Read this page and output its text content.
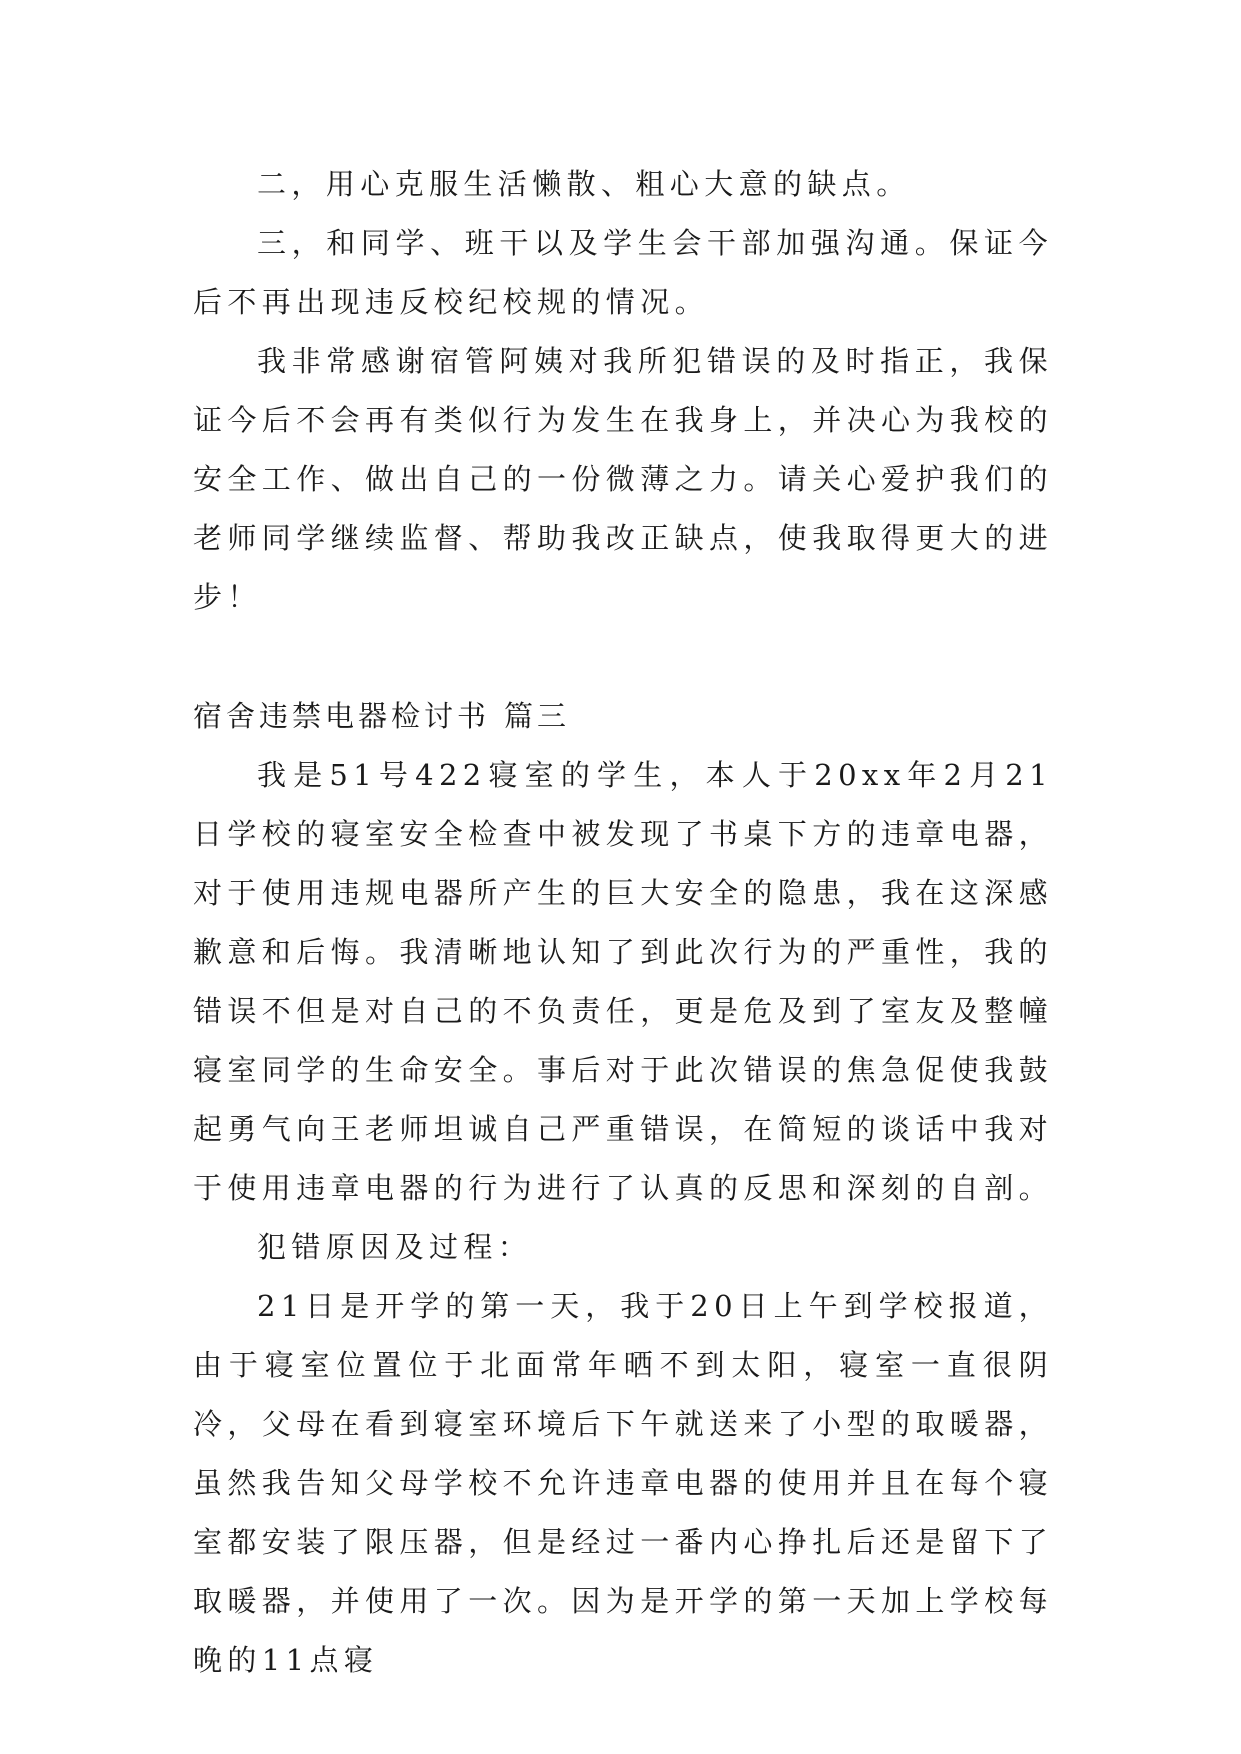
二，用心克服生活懒散、粗心大意的缺点。

三，和同学、班干以及学生会干部加强沟通。保证今后不再出现违反校纪校规的情况。

我非常感谢宿管阿姨对我所犯错误的及时指正，我保证今后不会再有类似行为发生在我身上，并决心为我校的安全工作、做出自己的一份微薄之力。请关心爱护我们的老师同学继续监督、帮助我改正缺点，使我取得更大的进步！

宿舍违禁电器检讨书 篇三

我是51号422寝室的学生，本人于20xx年2月21日学校的寝室安全检查中被发现了书桌下方的违章电器，对于使用违规电器所产生的巨大安全的隐患，我在这深感歉意和后悔。我清晰地认知了到此次行为的严重性，我的错误不但是对自己的不负责任，更是危及到了室友及整幢寝室同学的生命安全。事后对于此次错误的焦急促使我鼓起勇气向王老师坦诚自己严重错误，在简短的谈话中我对于使用违章电器的行为进行了认真的反思和深刻的自剖。

犯错原因及过程：

21日是开学的第一天，我于20日上午到学校报道，由于寝室位置位于北面常年晒不到太阳，寝室一直很阴冷，父母在看到寝室环境后下午就送来了小型的取暖器，虽然我告知父母学校不允许违章电器的使用并且在每个寝室都安装了限压器，但是经过一番内心挣扎后还是留下了取暖器，并使用了一次。因为是开学的第一天加上学校每晚的11点寝
